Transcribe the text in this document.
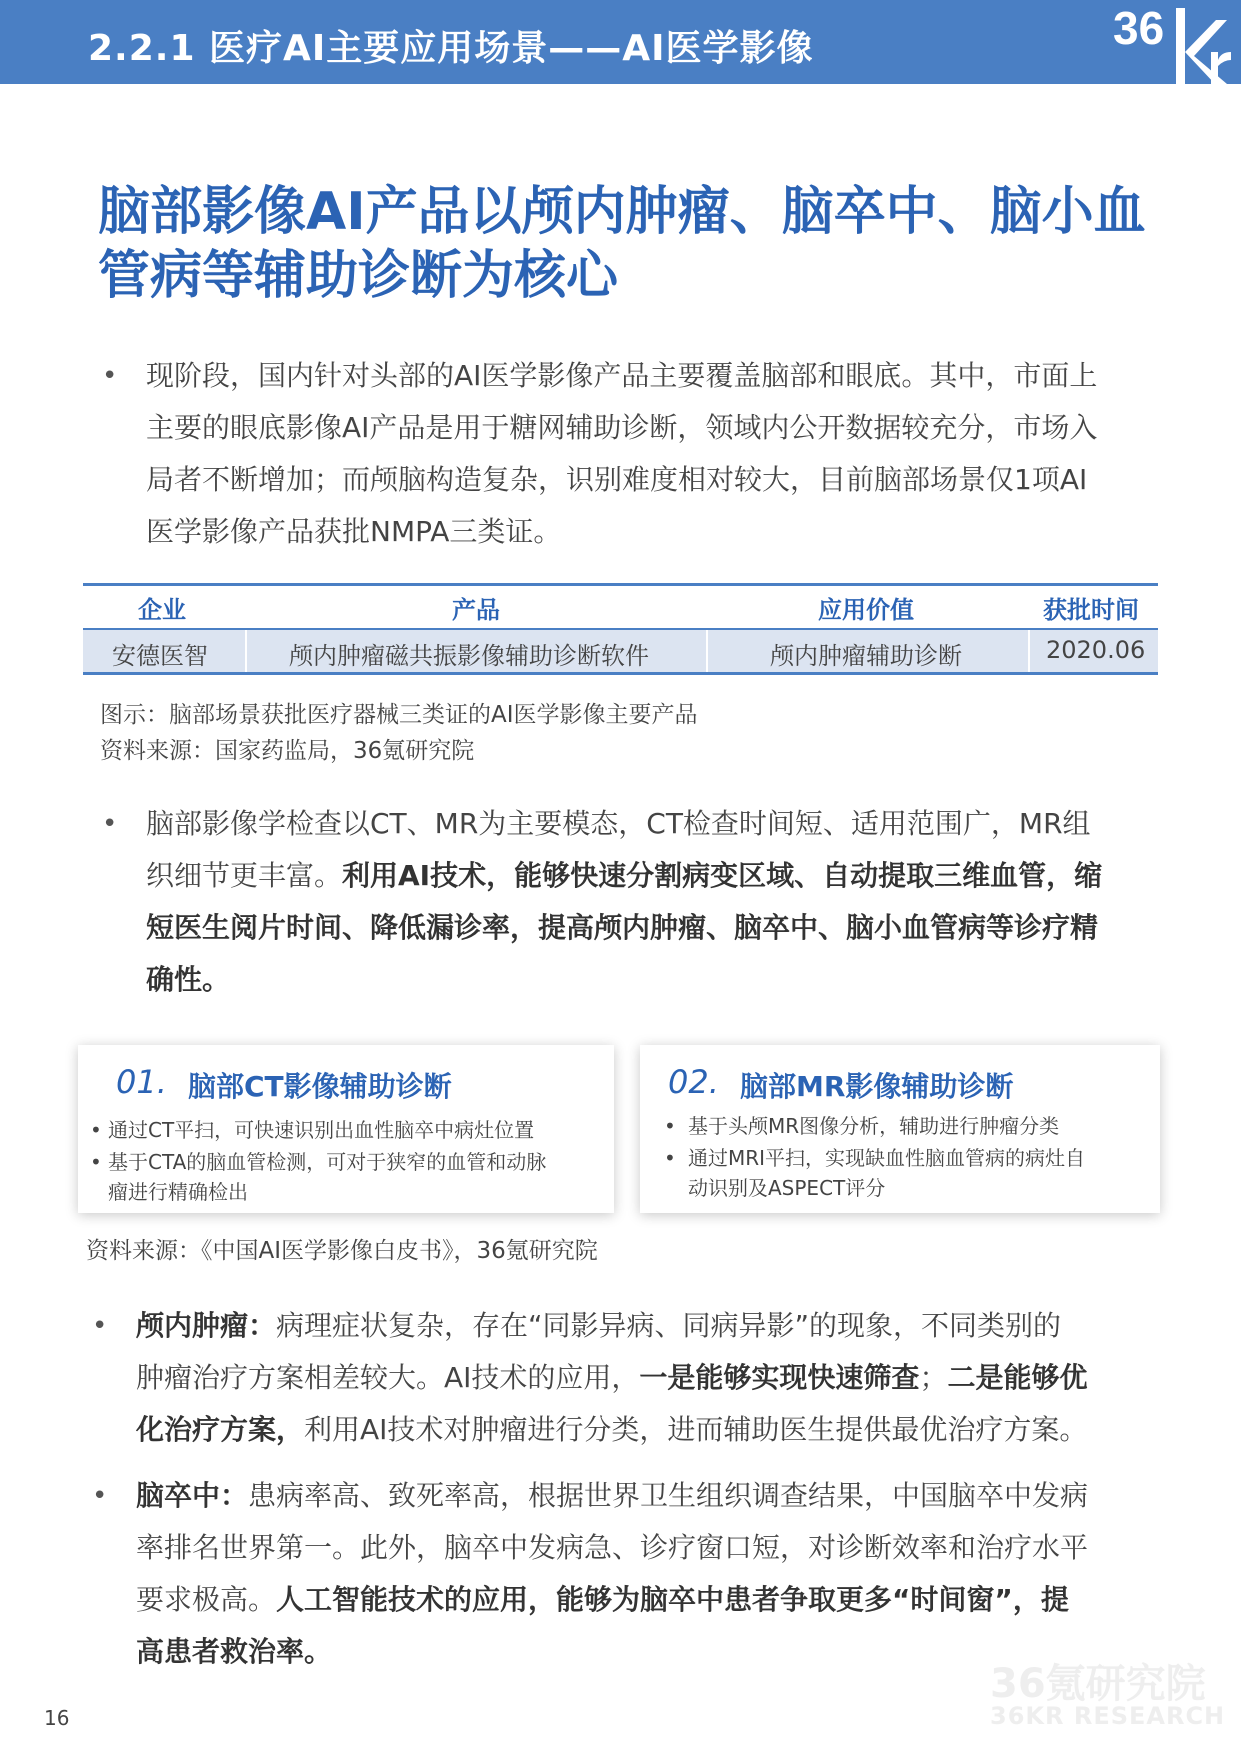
2.2.1 医疗AI主要应用场景——AI医学影像	36
脑部影像AI产品以颅内肿瘤、脑卒中、脑小血
管病等辅助诊断为核心
• 现阶段，国内针对头部的AI医学影像产品主要覆盖脑部和眼底。其中，市面上
主要的眼底影像AI产品是用于糖网辅助诊断，领域内公开数据较充分，市场入
局者不断增加；而颅脑构造复杂，识别难度相对较大，目前脑部场景仅1项AI
医学影像产品获批NMPA三类证。
企业	产品	应用价值	获批时间
安德医智	颅内肿瘤磁共振影像辅助诊断软件	颅内肿瘤辅助诊断	2020.06
图示：脑部场景获批医疗器械三类证的AI医学影像主要产品
资料来源：国家药监局，36氪研究院
• 脑部影像学检查以CT、MR为主要模态，CT检查时间短、适用范围广，MR组
织细节更丰富。利用AI技术，能够快速分割病变区域、自动提取三维血管，缩
短医生阅片时间、降低漏诊率，提高颅内肿瘤、脑卒中、脑小血管病等诊疗精
确性。
01. 脑部CT影像辅助诊断
• 通过CT平扫，可快速识别出血性脑卒中病灶位置
• 基于CTA的脑血管检测，可对于狭窄的血管和动脉
瘤进行精确检出
02. 脑部MR影像辅助诊断
• 基于头颅MR图像分析，辅助进行肿瘤分类
• 通过MRI平扫，实现缺血性脑血管病的病灶自
动识别及ASPECT评分
资料来源：《中国AI医学影像白皮书》，36氪研究院
• 颅内肿瘤：病理症状复杂，存在“同影异病、同病异影”的现象，不同类别的
肿瘤治疗方案相差较大。AI技术的应用，一是能够实现快速筛查；二是能够优
化治疗方案，利用AI技术对肿瘤进行分类，进而辅助医生提供最优治疗方案。
• 脑卒中：患病率高、致死率高，根据世界卫生组织调查结果，中国脑卒中发病
率排名世界第一。此外，脑卒中发病急、诊疗窗口短，对诊断效率和治疗水平
要求极高。人工智能技术的应用，能够为脑卒中患者争取更多“时间窗”，提
高患者救治率。
36氪研究院
36KR RESEARCH
16
